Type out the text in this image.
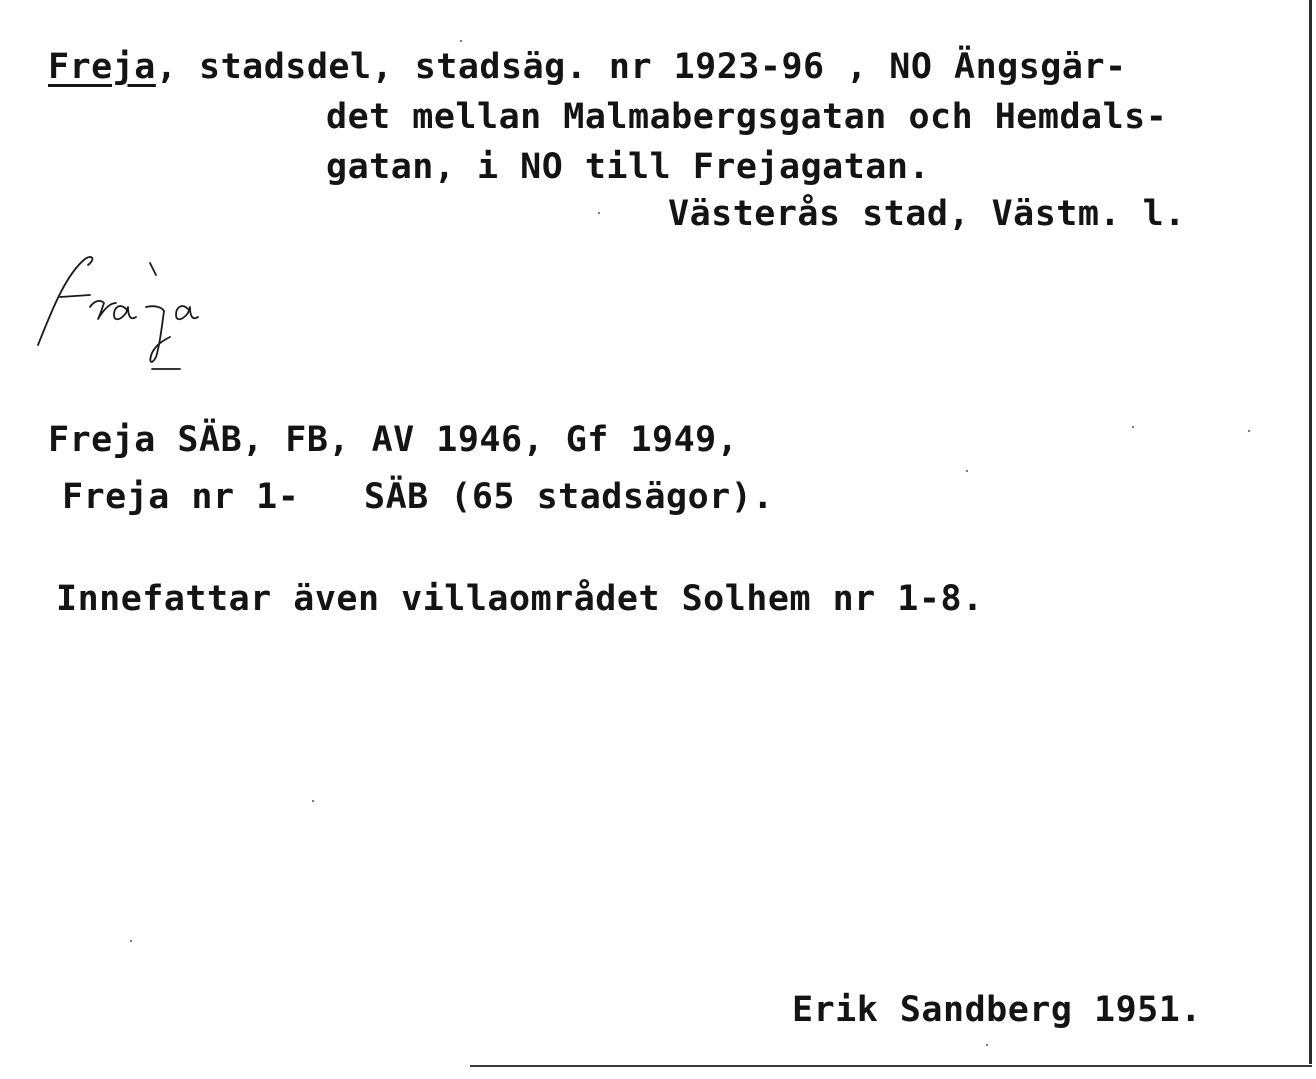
Freja, stadsdel, stadsäg. nr 1923-96 , NO Ängsgär-
det mellan Malmabergsgatan och Hemdals-
gatan, i NO till Frejagatan.
Västerås stad, Västm. l.
Freja SÄB, FB, AV 1946, Gf 1949,
Freja nr 1-   SÄB (65 stadsägor).
Innefattar även villaområdet Solhem nr 1-8.
Erik Sandberg 1951.
